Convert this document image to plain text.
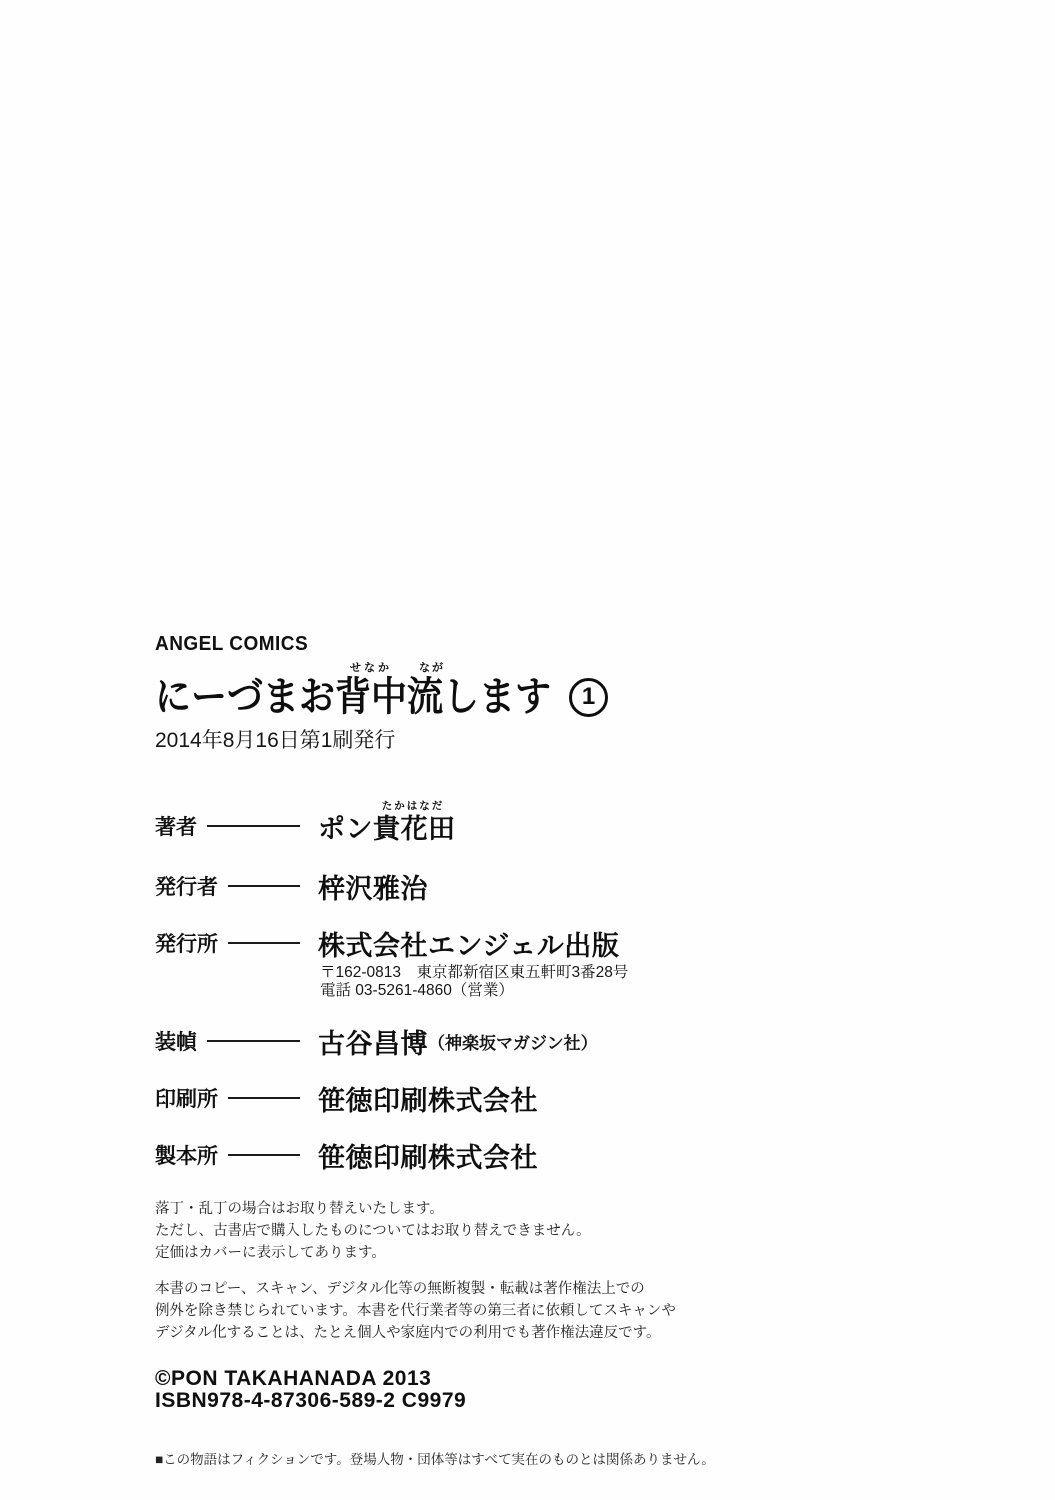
ANGEL COMICS
せなか	なが
にーづまお背中流します	1
2014年8月16日第1刷発行
たかはなだ
著者	ポン貴花田
発行者	梓沢雅治
発行所	株式会社エンジェル出版
〒162-0813　東京都新宿区東五軒町3番28号
電話 03-5261-4860（営業）
装幀	古谷昌博 （神楽坂マガジン社）
印刷所	笹徳印刷株式会社
製本所	笹徳印刷株式会社
落丁・乱丁の場合はお取り替えいたします。
ただし、古書店で購入したものについてはお取り替えできません。
定価はカバーに表示してあります。
本書のコピー、スキャン、デジタル化等の無断複製・転載は著作権法上での
例外を除き禁じられています。本書を代行業者等の第三者に依頼してスキャンや
デジタル化することは、たとえ個人や家庭内での利用でも著作権法違反です。
©PON TAKAHANADA 2013
ISBN978-4-87306-589-2 C9979
■この物語はフィクションです。登場人物・団体等はすべて実在のものとは関係ありません。
